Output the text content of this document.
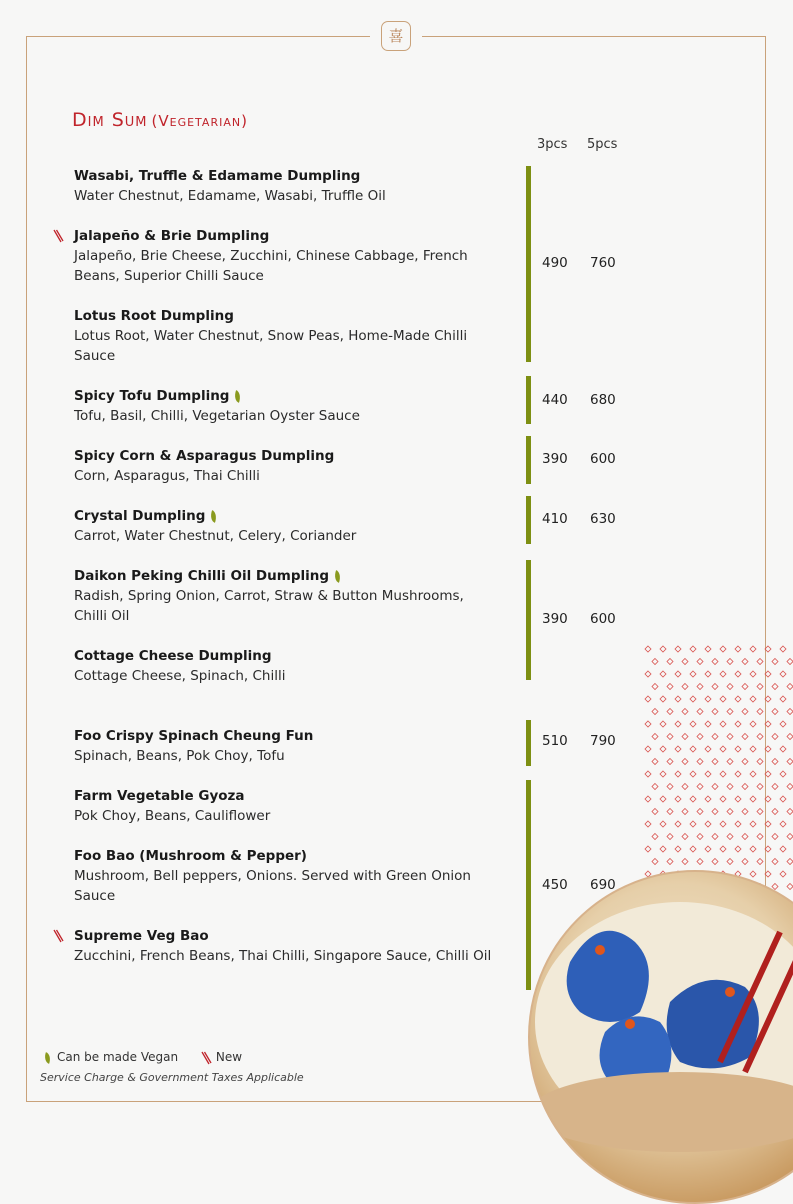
喜
Dim Sum (Vegetarian)
3pcs 5pcs
Wasabi, Truffle & Edamame Dumpling
Water Chestnut, Edamame, Wasabi, Truffle Oil
Jalapeño & Brie Dumpling
Jalapeño, Brie Cheese, Zucchini, Chinese Cabbage, French Beans, Superior Chilli Sauce
Lotus Root Dumpling
Lotus Root, Water Chestnut, Snow Peas, Home-Made Chilli Sauce
Spicy Tofu Dumpling
Tofu, Basil, Chilli, Vegetarian Oyster Sauce
Spicy Corn & Asparagus Dumpling
Corn, Asparagus, Thai Chilli
Crystal Dumpling
Carrot, Water Chestnut, Celery, Coriander
Daikon Peking Chilli Oil Dumpling
Radish, Spring Onion, Carrot, Straw & Button Mushrooms, Chilli Oil
Cottage Cheese Dumpling
Cottage Cheese, Spinach, Chilli
Foo Crispy Spinach Cheung Fun
Spinach, Beans, Pok Choy, Tofu
Farm Vegetable Gyoza
Pok Choy, Beans, Cauliflower
Foo Bao (Mushroom & Pepper)
Mushroom, Bell peppers, Onions. Served with Green Onion Sauce
Supreme Veg Bao
Zucchini, French Beans, Thai Chilli, Singapore Sauce, Chilli Oil
490 760
440 680
390 600
410 630
390 600
510 790
450 690
Can be made Vegan	New
Service Charge & Government Taxes Applicable
